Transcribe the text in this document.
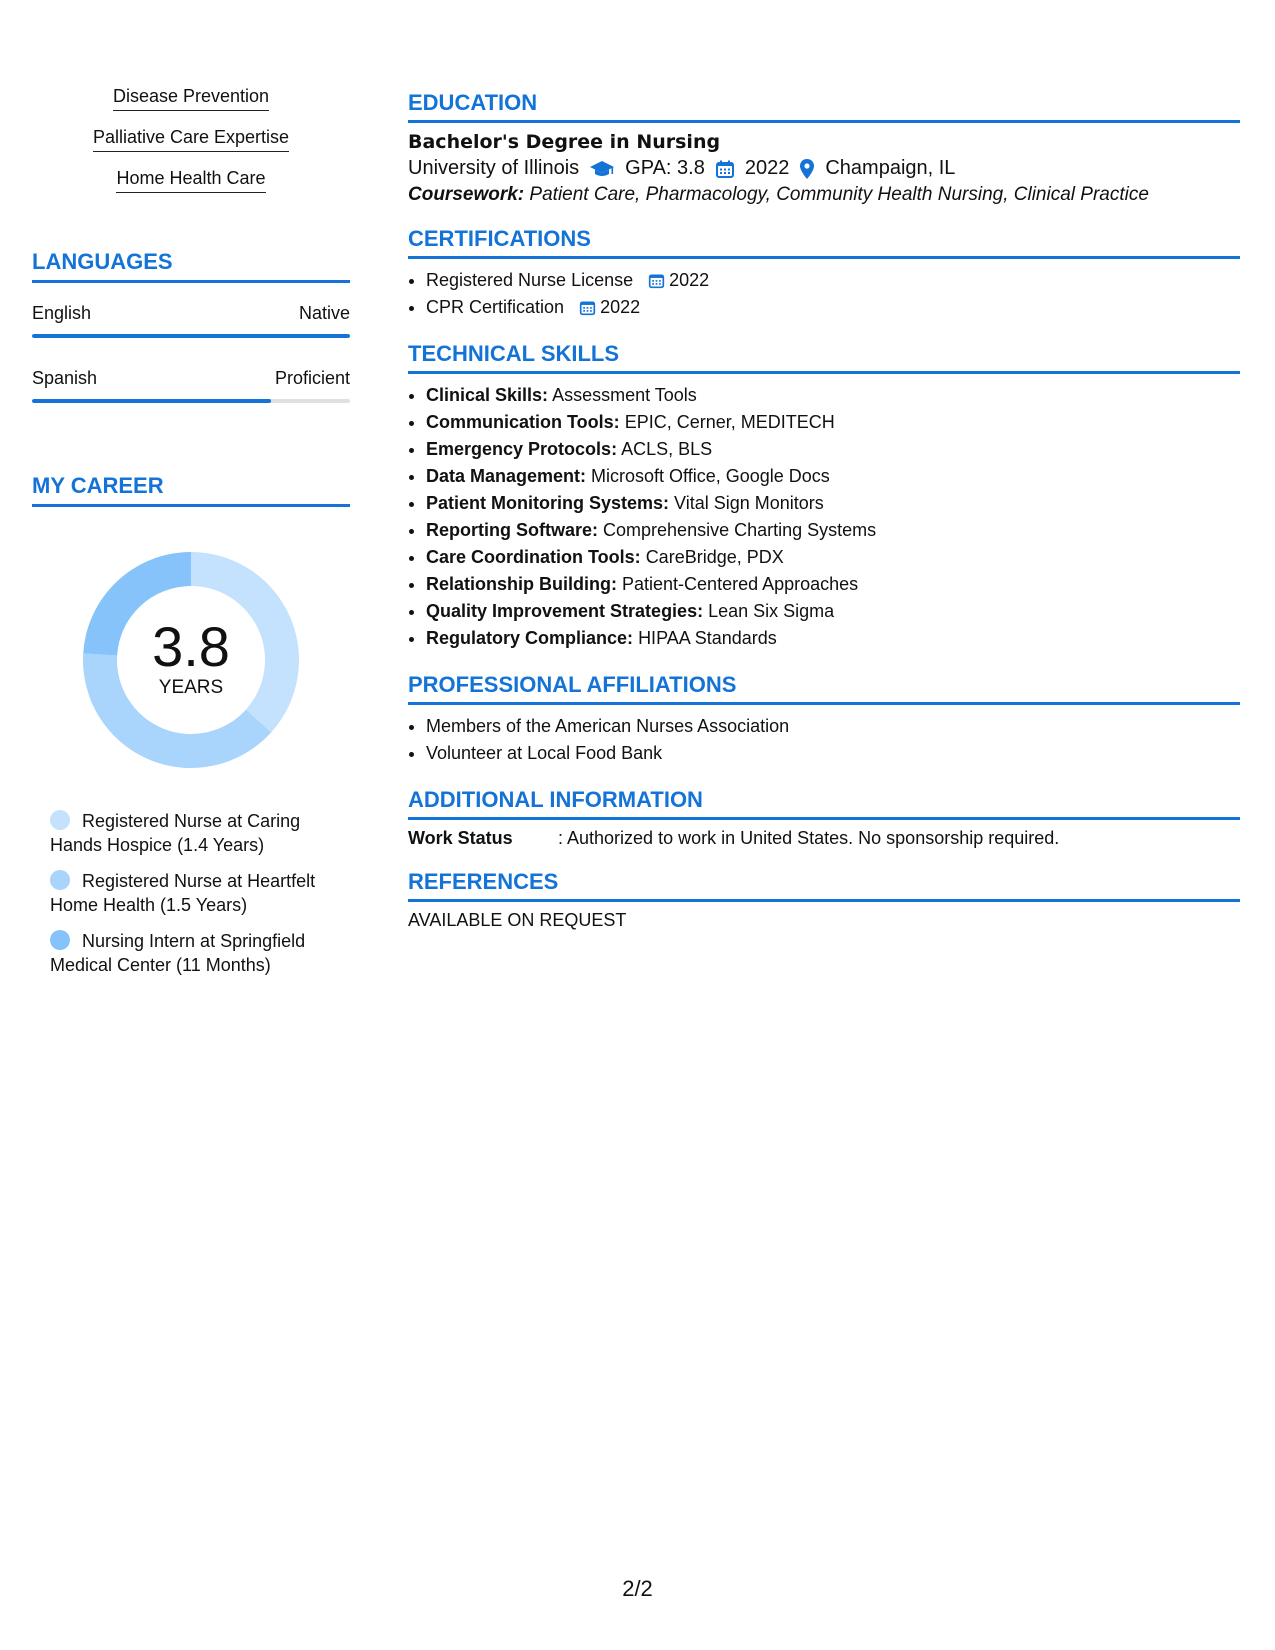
Disease Prevention
Palliative Care Expertise
Home Health Care
LANGUAGES
English	Native
Spanish	Proficient
MY CAREER
3.8
YEARS
Registered Nurse at Caring Hands Hospice (1.4 Years)
Registered Nurse at Heartfelt Home Health (1.5 Years)
Nursing Intern at Springfield Medical Center (11 Months)
EDUCATION
Bachelor's Degree in Nursing
University of Illinois GPA: 3.8 2022 Champaign, IL
Coursework: Patient Care, Pharmacology, Community Health Nursing, Clinical Practice
CERTIFICATIONS
• Registered Nurse License 2022
• CPR Certification 2022
TECHNICAL SKILLS
• Clinical Skills: Assessment Tools
• Communication Tools: EPIC, Cerner, MEDITECH
• Emergency Protocols: ACLS, BLS
• Data Management: Microsoft Office, Google Docs
• Patient Monitoring Systems: Vital Sign Monitors
• Reporting Software: Comprehensive Charting Systems
• Care Coordination Tools: CareBridge, PDX
• Relationship Building: Patient-Centered Approaches
• Quality Improvement Strategies: Lean Six Sigma
• Regulatory Compliance: HIPAA Standards
PROFESSIONAL AFFILIATIONS
• Members of the American Nurses Association
• Volunteer at Local Food Bank
ADDITIONAL INFORMATION
Work Status	: Authorized to work in United States. No sponsorship required.
REFERENCES
AVAILABLE ON REQUEST
2/2
